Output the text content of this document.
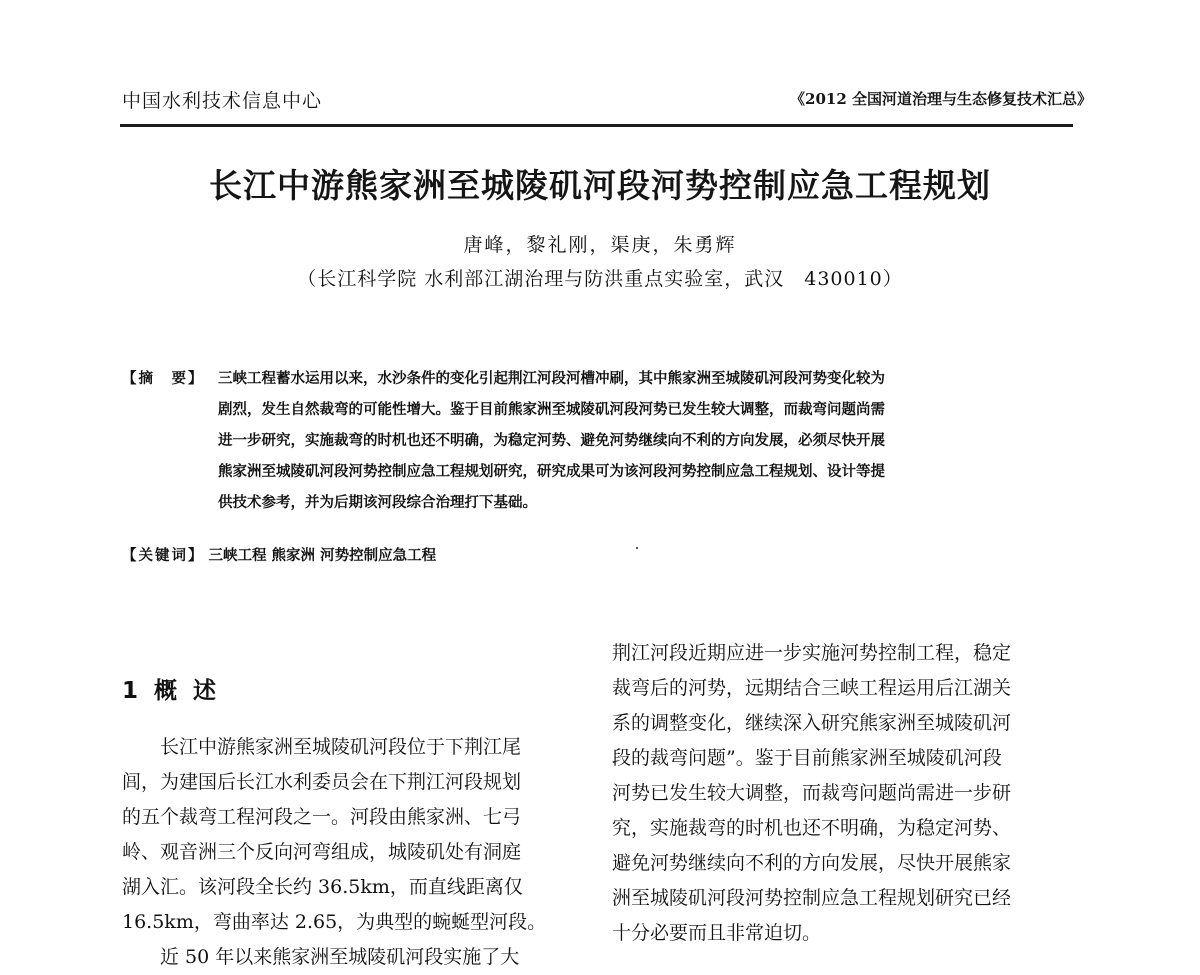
中国水利技术信息中心	《2012 全国河道治理与生态修复技术汇总》
长江中游熊家洲至城陵矶河段河势控制应急工程规划
唐峰，黎礼刚，渠庚，朱勇辉
（长江科学院 水利部江湖治理与防洪重点实验室，武汉　430010）
【摘　要】 三峡工程蓄水运用以来，水沙条件的变化引起荆江河段河槽冲刷，其中熊家洲至城陵矶河段河势变化较为
剧烈，发生自然裁弯的可能性增大。鉴于目前熊家洲至城陵矶河段河势已发生较大调整，而裁弯问题尚需
进一步研究，实施裁弯的时机也还不明确，为稳定河势、避免河势继续向不利的方向发展，必须尽快开展
熊家洲至城陵矶河段河势控制应急工程规划研究，研究成果可为该河段河势控制应急工程规划、设计等提
供技术参考，并为后期该河段综合治理打下基础。
【关键词】 三峡工程 熊家洲 河势控制应急工程
1 概 述
　　长江中游熊家洲至城陵矶河段位于下荆江尾
闾，为建国后长江水利委员会在下荆江河段规划
的五个裁弯工程河段之一。河段由熊家洲、七弓
岭、观音洲三个反向河弯组成，城陵矶处有洞庭
湖入汇。该河段全长约 36.5km，而直线距离仅
16.5km，弯曲率达 2.65，为典型的蜿蜒型河段。
　　近 50 年以来熊家洲至城陵矶河段实施了大
荆江河段近期应进一步实施河势控制工程，稳定
裁弯后的河势，远期结合三峡工程运用后江湖关
系的调整变化，继续深入研究熊家洲至城陵矶河
段的裁弯问题”。鉴于目前熊家洲至城陵矶河段
河势已发生较大调整，而裁弯问题尚需进一步研
究，实施裁弯的时机也还不明确，为稳定河势、
避免河势继续向不利的方向发展，尽快开展熊家
洲至城陵矶河段河势控制应急工程规划研究已经
十分必要而且非常迫切。
